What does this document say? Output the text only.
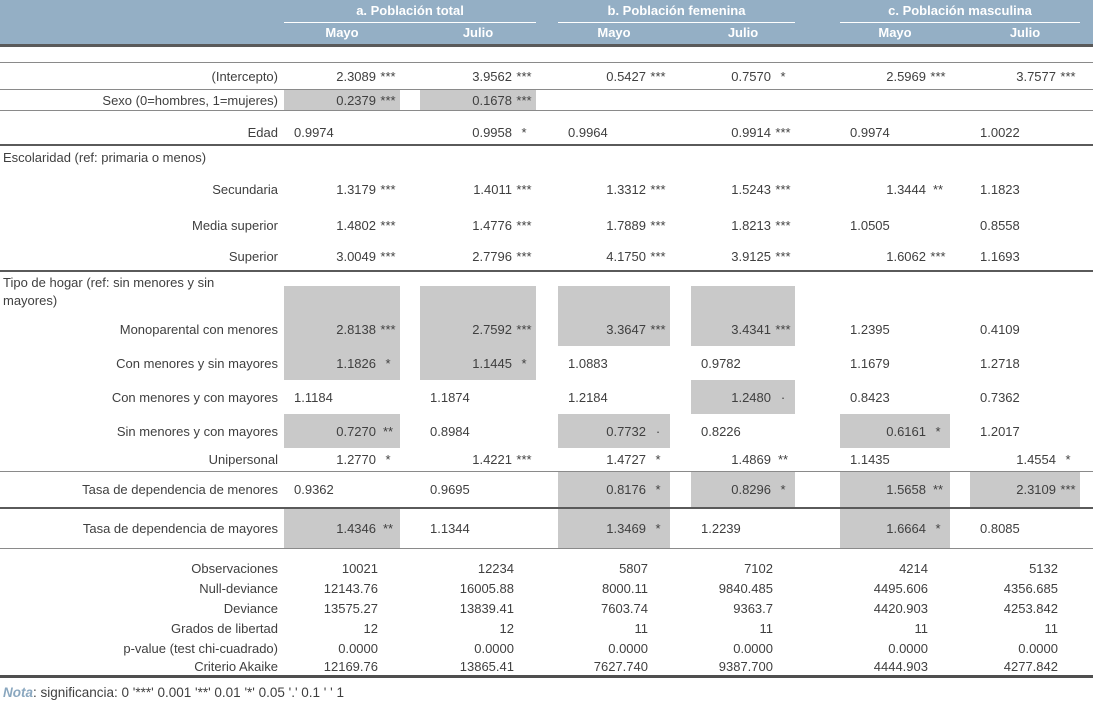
a. Población total
Mayo	Julio
b. Población femenina
Mayo	Julio
c. Población masculina
Mayo	Julio
(Intercepto)	2.3089 ***	3.9562 ***	0.5427 ***	0.7570 *	2.5969 ***	3.7577 ***
Sexo (0=hombres, 1=mujeres)	0.2379 ***	0.1678 ***
Edad	0.9974	0.9958 *	0.9964	0.9914 ***	0.9974	1.0022
Escolaridad (ref: primaria o menos)
Secundaria	1.3179 ***	1.4011 ***	1.3312 ***	1.5243 ***	1.3444 **	1.1823
Media superior	1.4802 ***	1.4776 ***	1.7889 ***	1.8213 ***	1.0505	0.8558
Superior	3.0049 ***	2.7796 ***	4.1750 ***	3.9125 ***	1.6062 ***	1.1693
Tipo de hogar (ref: sin menores y sin mayores)
Monoparental con menores	2.8138 ***	2.7592 ***	3.3647 ***	3.4341 ***	1.2395	0.4109
Con menores y sin mayores	1.1826 *	1.1445 *	1.0883	0.9782	1.1679	1.2718
Con menores y con mayores	1.1184	1.1874	1.2184	1.2480 ·	0.8423	0.7362
Sin menores y con mayores	0.7270 **	0.8984	0.7732 ·	0.8226	0.6161 *	1.2017
Unipersonal	1.2770 *	1.4221 ***	1.4727 *	1.4869 **	1.1435	1.4554 *
Tasa de dependencia de menores	0.9362	0.9695	0.8176 *	0.8296 *	1.5658 **	2.3109 ***
Tasa de dependencia de mayores	1.4346 **	1.1344	1.3469 *	1.2239	1.6664 *	0.8085
Observaciones	10021	12234	5807	7102	4214	5132
Null-deviance	12143.76	16005.88	8000.11	9840.485	4495.606	4356.685
Deviance	13575.27	13839.41	7603.74	9363.7	4420.903	4253.842
Grados de libertad	12	12	11	11	11	11
p-value (test chi-cuadrado)	0.0000	0.0000	0.0000	0.0000	0.0000	0.0000
Criterio Akaike	12169.76	13865.41	7627.740	9387.700	4444.903	4277.842
Nota: significancia: 0 '***' 0.001 '**' 0.01 '*' 0.05 '.' 0.1 ' ' 1
